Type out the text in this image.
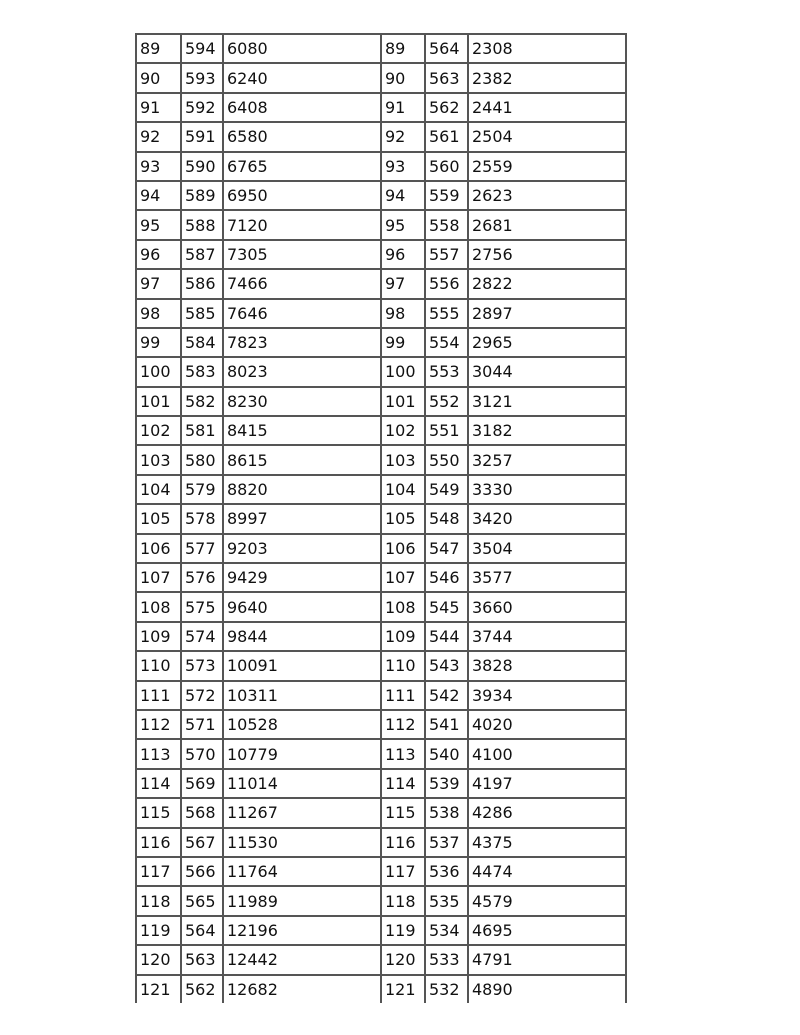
89	594	6080	89	564	2308
90	593	6240	90	563	2382
91	592	6408	91	562	2441
92	591	6580	92	561	2504
93	590	6765	93	560	2559
94	589	6950	94	559	2623
95	588	7120	95	558	2681
96	587	7305	96	557	2756
97	586	7466	97	556	2822
98	585	7646	98	555	2897
99	584	7823	99	554	2965
100	583	8023	100	553	3044
101	582	8230	101	552	3121
102	581	8415	102	551	3182
103	580	8615	103	550	3257
104	579	8820	104	549	3330
105	578	8997	105	548	3420
106	577	9203	106	547	3504
107	576	9429	107	546	3577
108	575	9640	108	545	3660
109	574	9844	109	544	3744
110	573	10091	110	543	3828
111	572	10311	111	542	3934
112	571	10528	112	541	4020
113	570	10779	113	540	4100
114	569	11014	114	539	4197
115	568	11267	115	538	4286
116	567	11530	116	537	4375
117	566	11764	117	536	4474
118	565	11989	118	535	4579
119	564	12196	119	534	4695
120	563	12442	120	533	4791
121	562	12682	121	532	4890
